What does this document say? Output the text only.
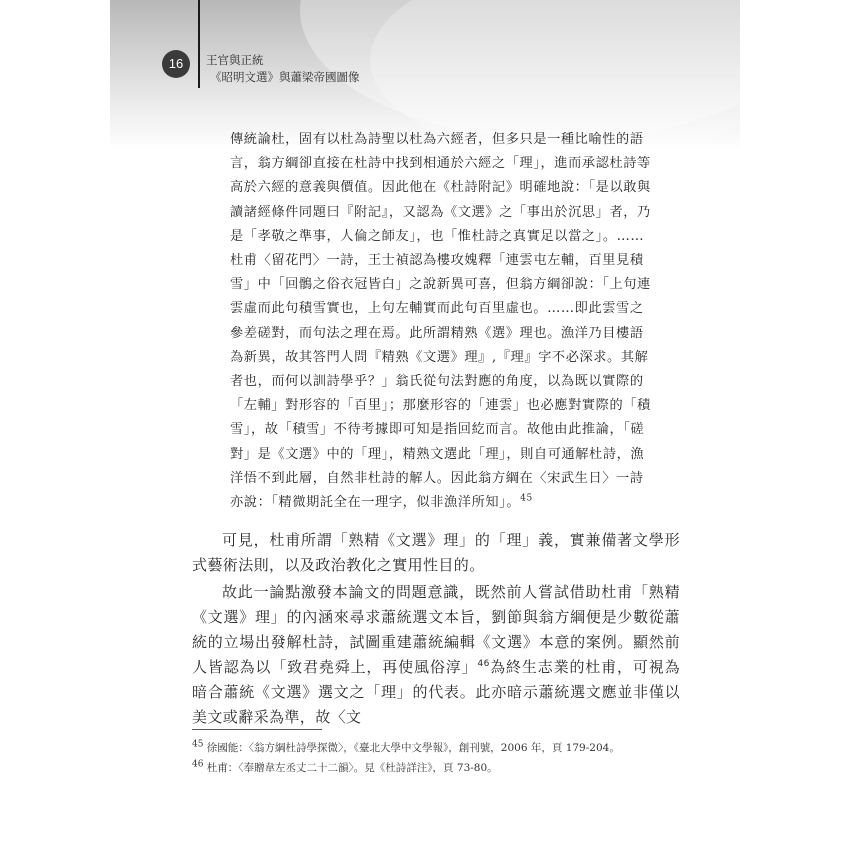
16	王官與正統
《昭明文選》與蕭梁帝國圖像

傳統論杜，固有以杜為詩聖以杜為六經者，但多只是一種比喻性的語

言，翁方綱卻直接在杜詩中找到相通於六經之「理」，進而承認杜詩等

高於六經的意義與價值。因此他在《杜詩附記》明確地說：「是以敢與

讀諸經條件同題曰『附記』，又認為《文選》之「事出於沉思」者，乃

是「孝敬之準事，人倫之師友」，也「惟杜詩之真實足以當之」。……

杜甫〈留花門〉一詩，王士禎認為樓攻媿釋「連雲屯左輔，百里見積

雪」中「回鶻之俗衣冠皆白」之說新異可喜，但翁方綱卻說：「上句連

雲虛而此句積雪實也，上句左輔實而此句百里虛也。……即此雲雪之

參差磋對，而句法之理在焉。此所謂精熟《選》理也。漁洋乃目樓語

為新異，故其答門人問『精熟《文選》理』,『理』字不必深求。其解

者也，而何以訓詩學乎？」翁氏從句法對應的角度，以為既以實際的

「左輔」對形容的「百里」；那麼形容的「連雲」也必應對實際的「積

雪」，故「積雪」不待考據即可知是指回紇而言。故他由此推論，「磋

對」是《文選》中的「理」，精熟文選此「理」，則自可通解杜詩，漁

洋悟不到此層，自然非杜詩的解人。因此翁方綱在〈宋武生日〉一詩

亦說：「精微期託全在一理字，似非漁洋所知」。$^{45}$

可見，杜甫所謂「熟精《文選》理」的「理」義，實兼備著文學形式藝術法則，以及政治教化之實用性目的。

故此一論點激發本論文的問題意識，既然前人嘗試借助杜甫「熟精《文選》理」的內涵來尋求蕭統選文本旨，劉節與翁方綱便是少數從蕭統的立場出發解杜詩，試圖重建蕭統編輯《文選》本意的案例。顯然前人皆認為以「致君堯舜上，再使風俗淳」$^{46}$為終生志業的杜甫，可視為暗合蕭統《文選》選文之「理」的代表。此亦暗示蕭統選文應並非僅以美文或辭采為準，故〈文

$^{45}$ 徐國能：〈翁方綱杜詩學探微〉，《臺北大學中文學報》，創刊號，2006 年，頁 179-204。

$^{46}$ 杜甫：〈奉贈韋左丞丈二十二韻〉。見《杜詩詳注》，頁 73-80。
